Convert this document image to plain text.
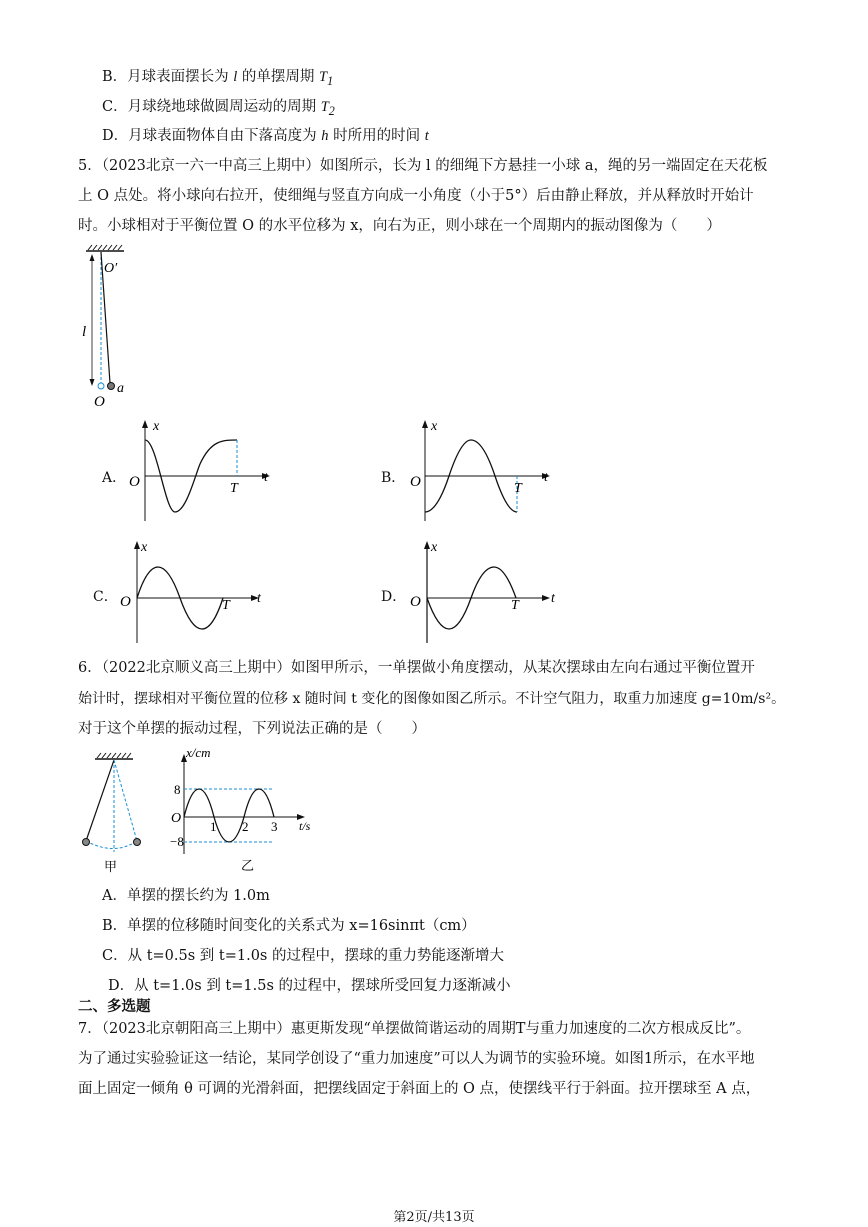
B．月球表面摆长为 l 的单摆周期 $T_1$
C．月球绕地球做圆周运动的周期 $T_2$
D．月球表面物体自由下落高度为 h 时所用的时间 t
5．（2023北京一六一中高三上期中）如图所示，长为 l 的细绳下方悬挂一小球 a，绳的另一端固定在天花板
上 O 点处。将小球向右拉开，使细绳与竖直方向成一小角度（小于5°）后由静止释放，并从释放时开始计
时。小球相对于平衡位置 O 的水平位移为 x，向右为正，则小球在一个周期内的振动图像为（　　）
O′
l
O
a
A．
x
O	T
t	B．
x
O	T
t
C．
x
O	T t	D．
x
O	T t
6．（2022北京顺义高三上期中）如图甲所示，一单摆做小角度摆动，从某次摆球由左向右通过平衡位置开
始计时，摆球相对平衡位置的位移 x 随时间 t 变化的图像如图乙所示。不计空气阻力，取重力加速度 g=10m/s²。
对于这个单摆的振动过程，下列说法正确的是（　　）
甲
x/cm
8
−8
O
1 2 3 t/s
乙
A．单摆的摆长约为 1.0m
B．单摆的位移随时间变化的关系式为 x=16sinπt（cm）
C．从 t=0.5s 到 t=1.0s 的过程中，摆球的重力势能逐渐增大
D．从 t=1.0s 到 t=1.5s 的过程中，摆球所受回复力逐渐减小
二、多选题
7．（2023北京朝阳高三上期中）惠更斯发现“单摆做简谐运动的周期T与重力加速度的二次方根成反比”。
为了通过实验验证这一结论，某同学创设了“重力加速度”可以人为调节的实验环境。如图1所示，在水平地
面上固定一倾角 θ 可调的光滑斜面，把摆线固定于斜面上的 O 点，使摆线平行于斜面。拉开摆球至 A 点，
第2页/共13页
